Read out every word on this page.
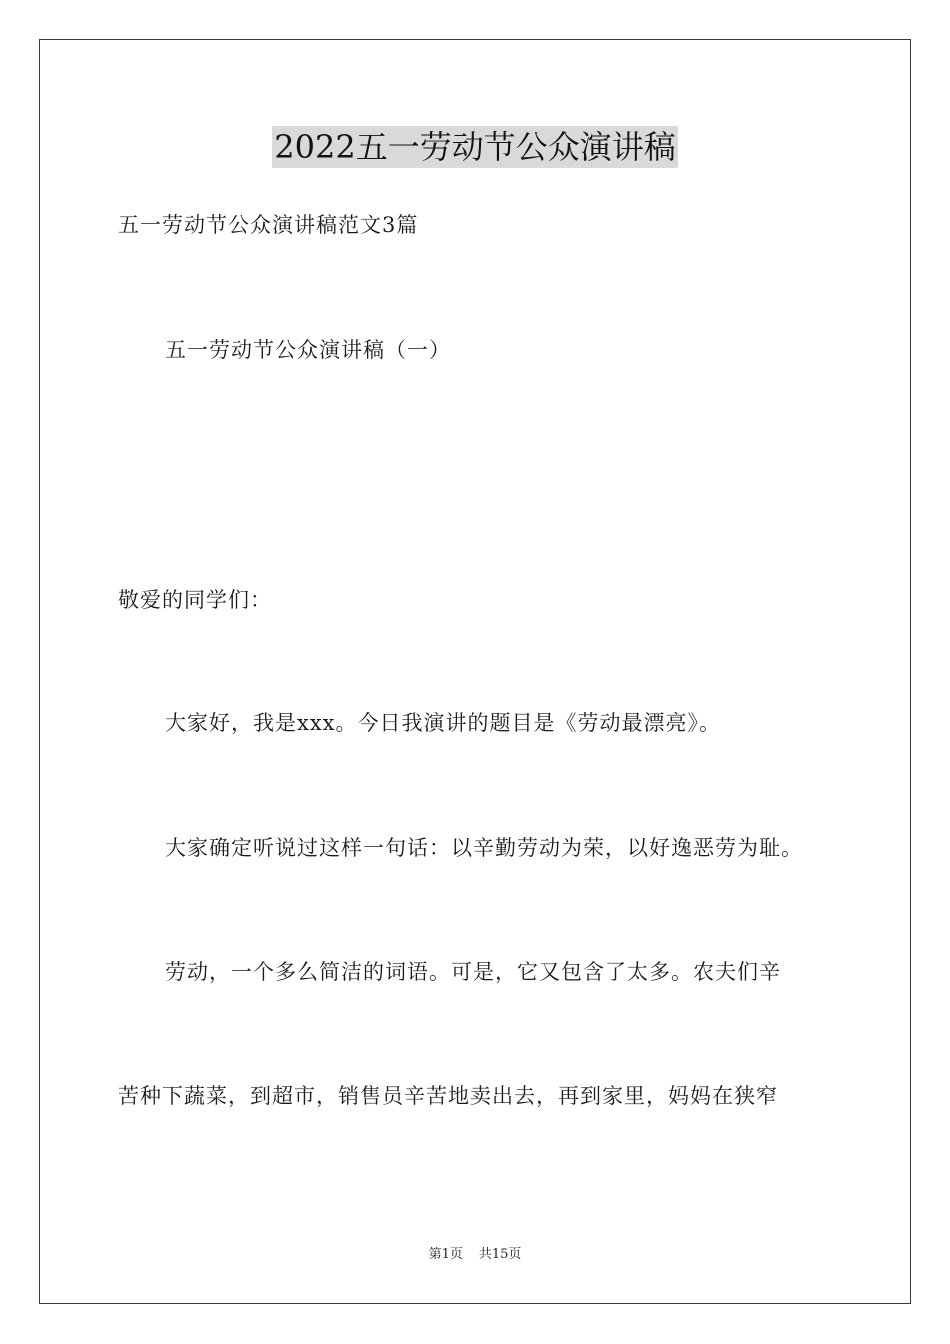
2022五一劳动节公众演讲稿
五一劳动节公众演讲稿范文3篇
五一劳动节公众演讲稿（一）
敬爱的同学们：
大家好，我是xxx。今日我演讲的题目是《劳动最漂亮》。
大家确定听说过这样一句话：以辛勤劳动为荣，以好逸恶劳为耻。
劳动，一个多么简洁的词语。可是，它又包含了太多。农夫们辛
苦种下蔬菜，到超市，销售员辛苦地卖出去，再到家里，妈妈在狭窄
第1页 共15页
